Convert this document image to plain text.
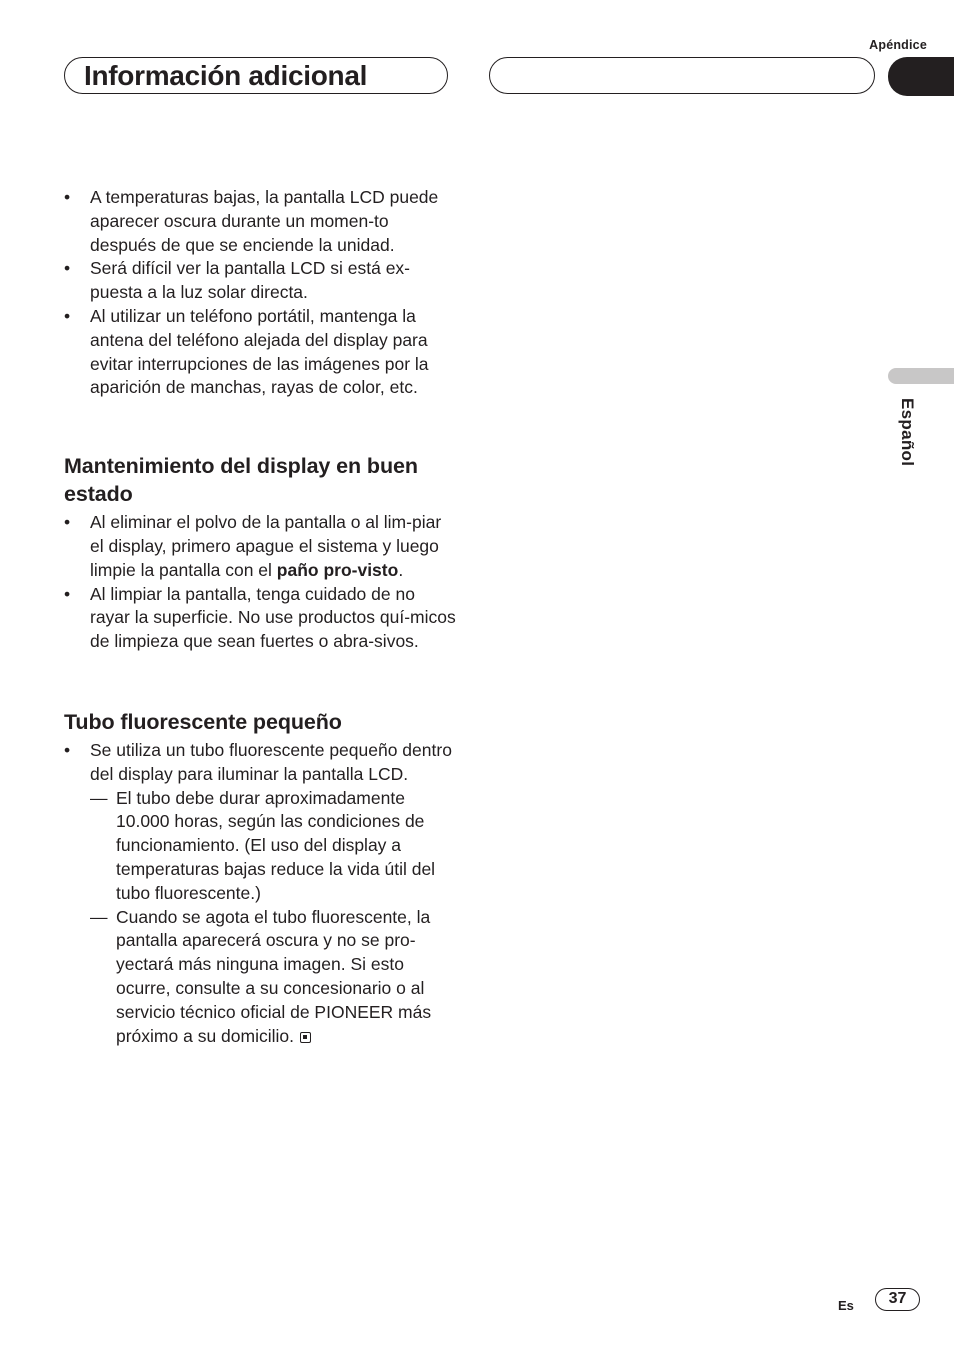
Apéndice
Información adicional
Español
• A temperaturas bajas, la pantalla LCD puede aparecer oscura durante un momen-to después de que se enciende la unidad.
• Será difícil ver la pantalla LCD si está ex-puesta a la luz solar directa.
• Al utilizar un teléfono portátil, mantenga la antena del teléfono alejada del display para evitar interrupciones de las imágenes por la aparición de manchas, rayas de color, etc.
Mantenimiento del display en buen estado
• Al eliminar el polvo de la pantalla o al lim-piar el display, primero apague el sistema y luego limpie la pantalla con el paño pro-visto.
• Al limpiar la pantalla, tenga cuidado de no rayar la superficie. No use productos quí-micos de limpieza que sean fuertes o abra-sivos.
Tubo fluorescente pequeño
• Se utiliza un tubo fluorescente pequeño dentro del display para iluminar la pantalla LCD.
— El tubo debe durar aproximadamente 10.000 horas, según las condiciones de funcionamiento. (El uso del display a temperaturas bajas reduce la vida útil del tubo fluorescente.)
— Cuando se agota el tubo fluorescente, la pantalla aparecerá oscura y no se pro-yectará más ninguna imagen. Si esto ocurre, consulte a su concesionario o al servicio técnico oficial de PIONEER más próximo a su domicilio.
Es	37
